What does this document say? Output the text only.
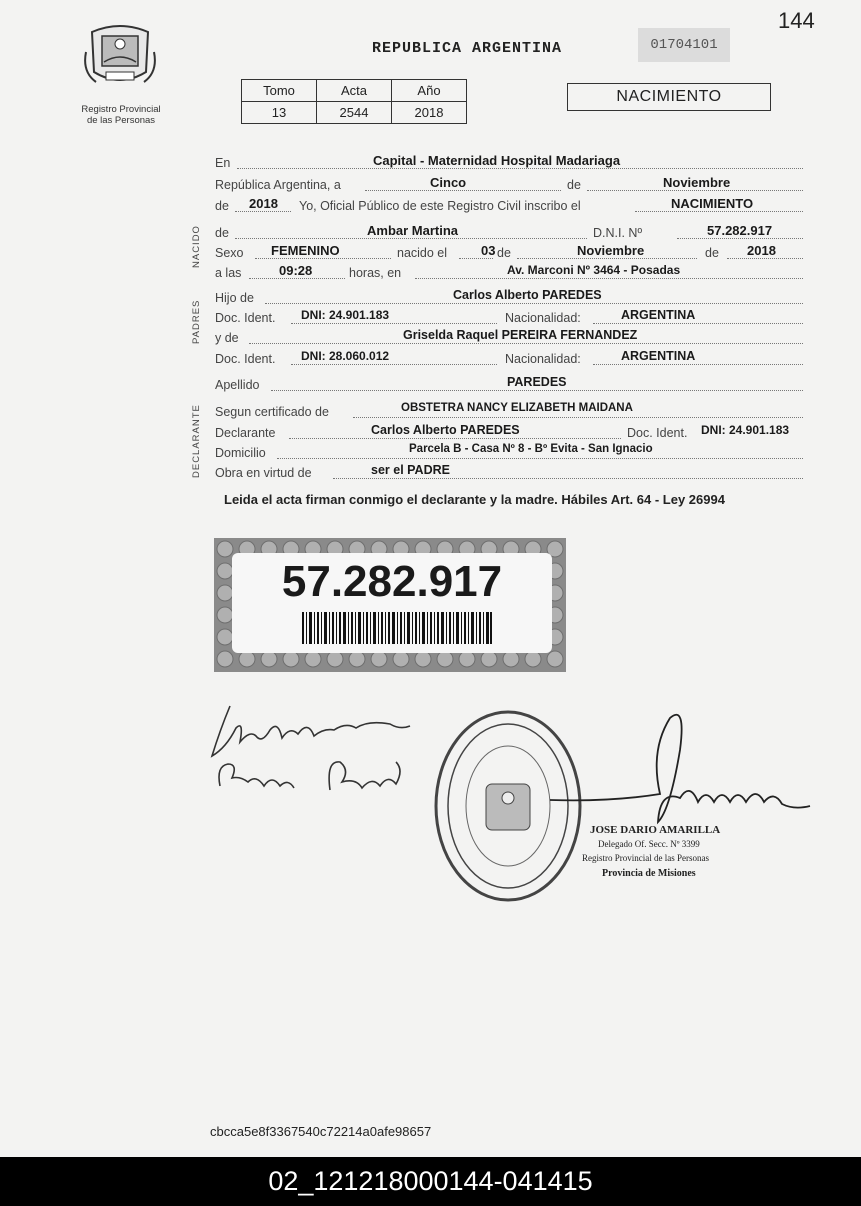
144
Registro Provincial
de las Personas
REPUBLICA ARGENTINA	01704101
Tomo	Acta	Año
13	2544	2018
NACIMIENTO
NACIDO
PADRES
DECLARANTE
En	Capital - Maternidad Hospital Madariaga
República Argentina, a	Cinco	de	Noviembre
de 2018 Yo, Oficial Público de este Registro Civil inscribo el	NACIMIENTO
de	Ambar Martina	D.N.I. Nº	57.282.917
Sexo FEMENINO	nacido el	03 de	Noviembre	de 2018
a las	09:28	horas, en	Av. Marconi Nº 3464 - Posadas
Hijo de	Carlos Alberto PAREDES
Doc. Ident. DNI: 24.901.183	Nacionalidad:	ARGENTINA
y de	Griselda Raquel PEREIRA FERNANDEZ
Doc. Ident. DNI: 28.060.012	Nacionalidad:	ARGENTINA
Apellido	PAREDES
Segun certificado de	OBSTETRA NANCY ELIZABETH MAIDANA
Declarante	Carlos Alberto PAREDES	Doc. Ident. DNI: 24.901.183
Domicilio	Parcela B - Casa Nº 8 - Bº Evita - San Ignacio
Obra en virtud de	ser el PADRE
Leida el acta firman conmigo el declarante y la madre. Hábiles Art. 64 - Ley 26994
57.282.917
JOSE DARIO AMARILLA
Delegado Of. Secc. Nº 3399
Registro Provincial de las Personas
Provincia de Misiones
cbcca5e8f3367540c72214a0afe98657
02_121218000144-041415
